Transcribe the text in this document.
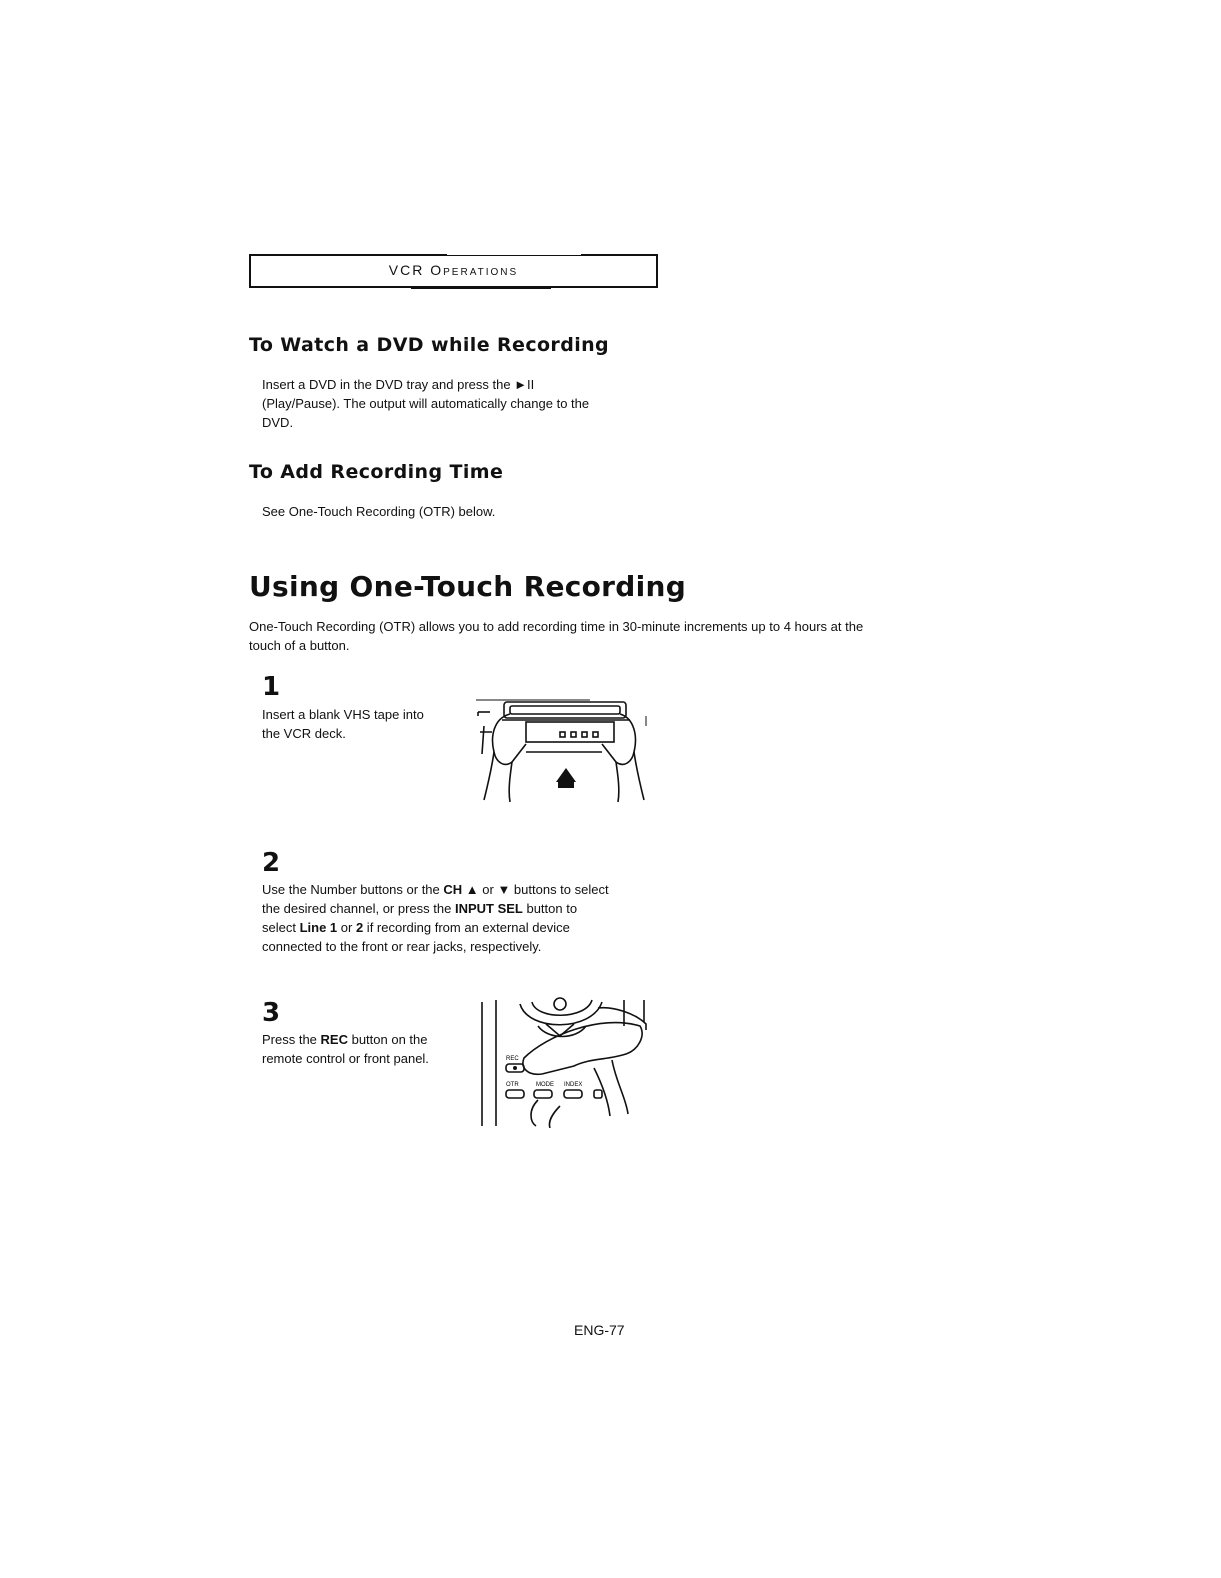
VCR Operations
To Watch a DVD while Recording
Insert a DVD in the DVD tray and press the ►II
(Play/Pause). The output will automatically change to the
DVD.
To Add Recording Time
See One-Touch Recording (OTR) below.
Using One-Touch Recording
One-Touch Recording (OTR) allows you to add recording time in 30-minute increments up to 4 hours at the
touch of a button.
1
Insert a blank VHS tape into
the VCR deck.
2
Use the Number buttons or the CH ▲ or ▼ buttons to select
the desired channel, or press the INPUT SEL button to
select Line 1 or 2 if recording from an external device
connected to the front or rear jacks, respectively.
3
Press the REC button on the
remote control or front panel.	REC
OTR	MODE INDEX
ENG-77
